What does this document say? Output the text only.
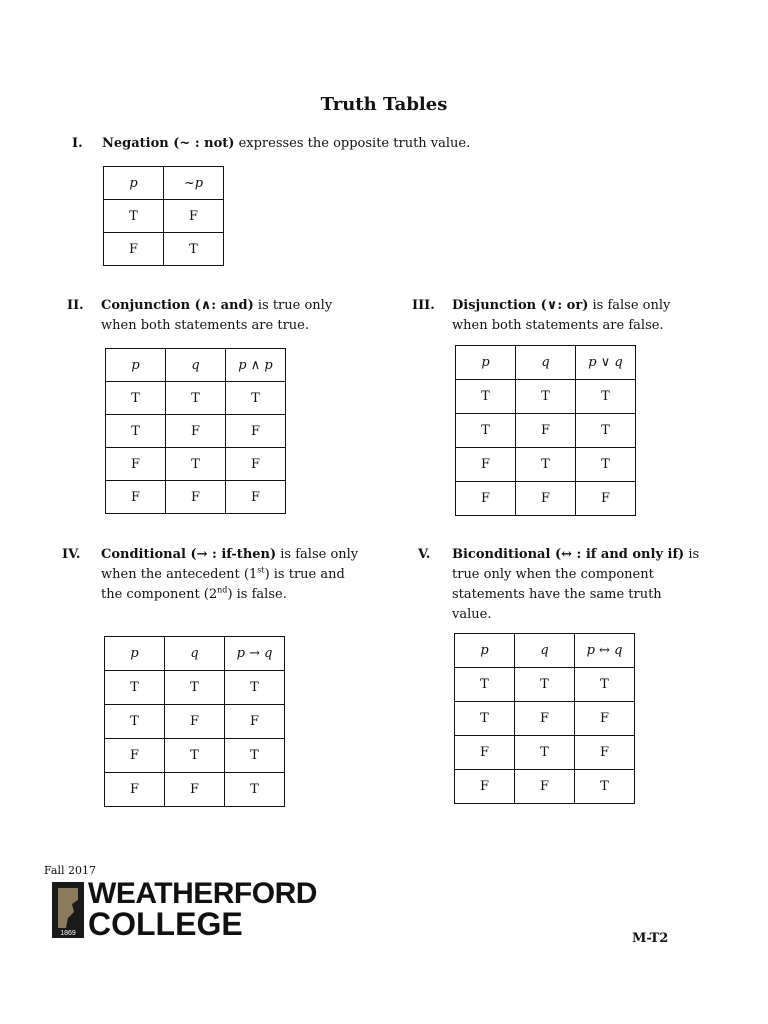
Truth Tables
I. Negation (~ : not) expresses the opposite truth value.
p	~p
T	F
F	T
II. Conjunction (∧: and) is true only
when both statements are true.
p	q	p ∧ p
T	T	T
T	F	F
F	T	F
F	F	F
III. Disjunction (∨: or) is false only
when both statements are false.
p	q	p ∨ q
T	T	T
T	F	T
F	T	T
F	F	F
IV. Conditional (→ : if-then) is false only
when the antecedent (1st) is true and
the component (2nd) is false.
p	q	p → q
T	T	T
T	F	F
F	T	T
F	F	T
V. Biconditional (↔ : if and only if) is
true only when the component
statements have the same truth
value.
p	q	p ↔ q
T	T	T
T	F	F
F	T	F
F	F	T
Fall 2017
1869
WEATHERFORD
COLLEGE	M-T2
